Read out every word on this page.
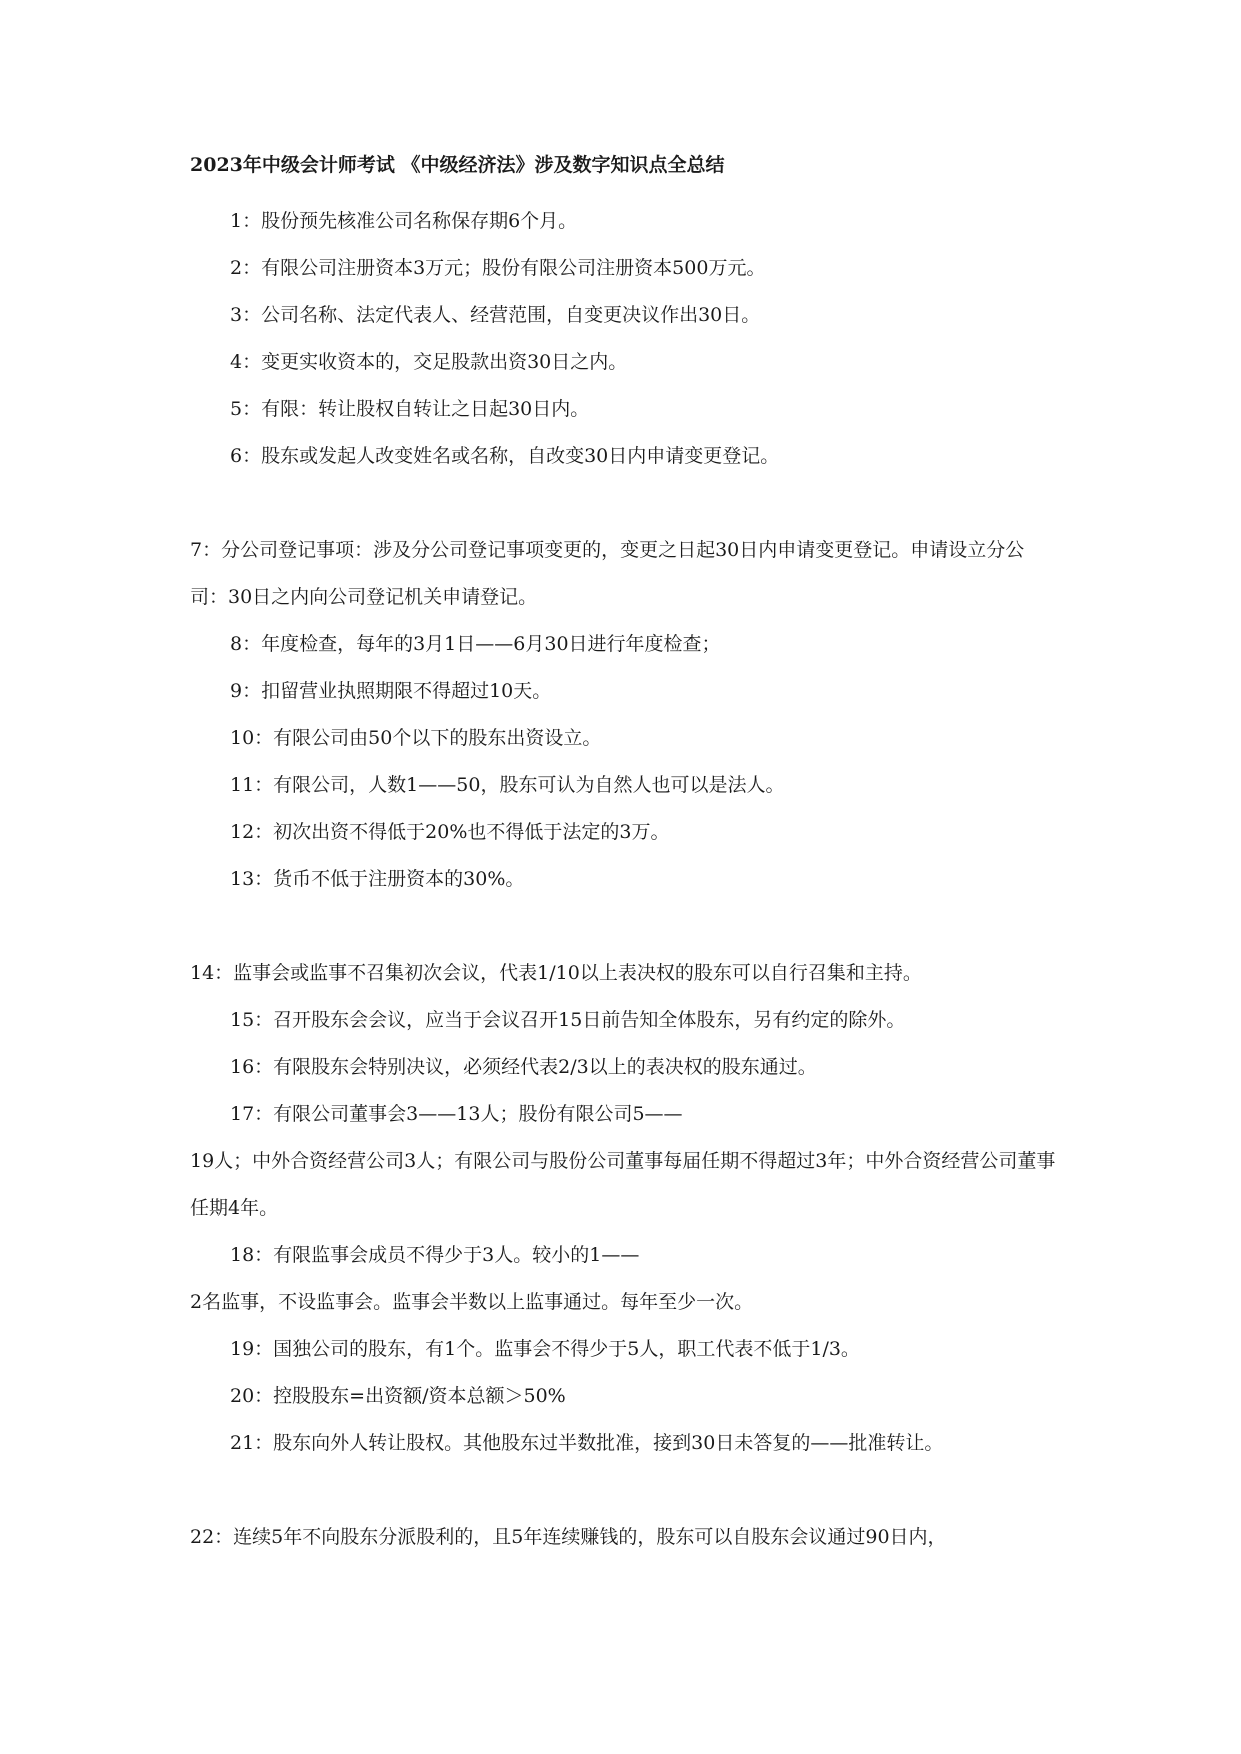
2023年中级会计师考试 《中级经济法》涉及数字知识点全总结

1：股份预先核准公司名称保存期6个月。

2：有限公司注册资本3万元；股份有限公司注册资本500万元。

3：公司名称、法定代表人、经营范围，自变更决议作出30日。

4：变更实收资本的，交足股款出资30日之内。

5：有限：转让股权自转让之日起30日内。

6：股东或发起人改变姓名或名称，自改变30日内申请变更登记。

7：分公司登记事项：涉及分公司登记事项变更的，变更之日起30日内申请变更登记。申请设立分公司：30日之内向公司登记机关申请登记。

8：年度检查，每年的3月1日——6月30日进行年度检查；

9：扣留营业执照期限不得超过10天。

10：有限公司由50个以下的股东出资设立。

11：有限公司，人数1——50，股东可认为自然人也可以是法人。

12：初次出资不得低于20%也不得低于法定的3万。

13：货币不低于注册资本的30%。

14：监事会或监事不召集初次会议，代表1/10以上表决权的股东可以自行召集和主持。

15：召开股东会会议，应当于会议召开15日前告知全体股东，另有约定的除外。

16：有限股东会特别决议，必须经代表2/3以上的表决权的股东通过。

17：有限公司董事会3——13人；股份有限公司5——

19人；中外合资经营公司3人；有限公司与股份公司董事每届任期不得超过3年；中外合资经营公司董事任期4年。

18：有限监事会成员不得少于3人。较小的1——

2名监事，不设监事会。监事会半数以上监事通过。每年至少一次。

19：国独公司的股东，有1个。监事会不得少于5人，职工代表不低于1/3。

20：控股股东=出资额/资本总额＞50%

21：股东向外人转让股权。其他股东过半数批准，接到30日未答复的——批准转让。

22：连续5年不向股东分派股利的，且5年连续赚钱的，股东可以自股东会议通过90日内，
